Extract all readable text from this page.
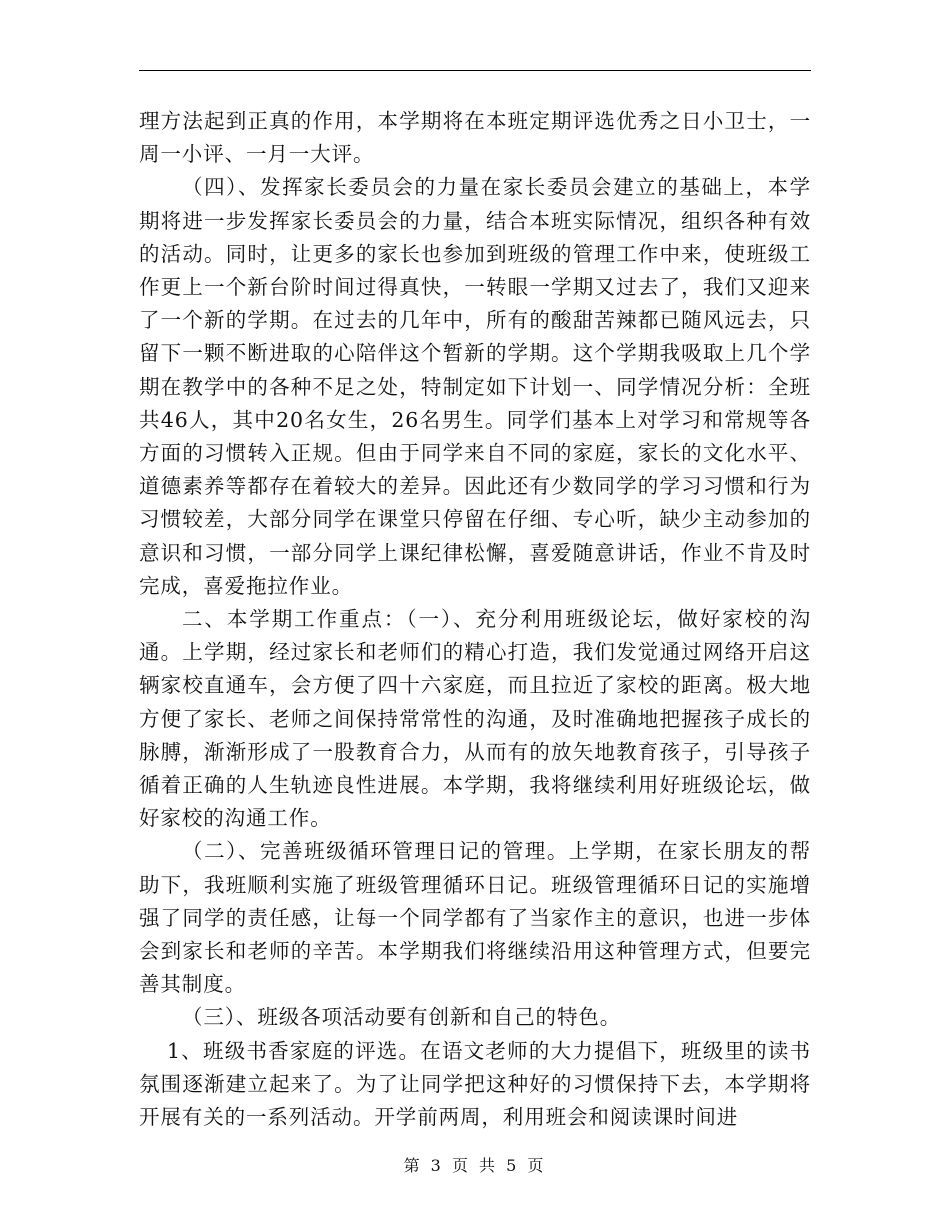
理方法起到正真的作用，本学期将在本班定期评选优秀之日小卫士，一周一小评、一月一大评。

（四）、发挥家长委员会的力量在家长委员会建立的基础上，本学期将进一步发挥家长委员会的力量，结合本班实际情况，组织各种有效的活动。同时，让更多的家长也参加到班级的管理工作中来，使班级工作更上一个新台阶时间过得真快，一转眼一学期又过去了，我们又迎来了一个新的学期。在过去的几年中，所有的酸甜苦辣都已随风远去，只留下一颗不断进取的心陪伴这个暂新的学期。这个学期我吸取上几个学期在教学中的各种不足之处，特制定如下计划一、同学情况分析：全班共46人，其中20名女生，26名男生。同学们基本上对学习和常规等各方面的习惯转入正规。但由于同学来自不同的家庭，家长的文化水平、道德素养等都存在着较大的差异。因此还有少数同学的学习习惯和行为习惯较差，大部分同学在课堂只停留在仔细、专心听，缺少主动参加的意识和习惯，一部分同学上课纪律松懈，喜爱随意讲话，作业不肯及时完成，喜爱拖拉作业。

二、本学期工作重点：（一）、充分利用班级论坛，做好家校的沟通。上学期，经过家长和老师们的精心打造，我们发觉通过网络开启这辆家校直通车，会方便了四十六家庭，而且拉近了家校的距离。极大地方便了家长、老师之间保持常常性的沟通，及时准确地把握孩子成长的脉膊，渐渐形成了一股教育合力，从而有的放矢地教育孩子，引导孩子循着正确的人生轨迹良性进展。本学期，我将继续利用好班级论坛，做好家校的沟通工作。

（二）、完善班级循环管理日记的管理。上学期，在家长朋友的帮助下，我班顺利实施了班级管理循环日记。班级管理循环日记的实施增强了同学的责任感，让每一个同学都有了当家作主的意识，也进一步体会到家长和老师的辛苦。本学期我们将继续沿用这种管理方式，但要完善其制度。

（三）、班级各项活动要有创新和自己的特色。

1、班级书香家庭的评选。在语文老师的大力提倡下，班级里的读书氛围逐渐建立起来了。为了让同学把这种好的习惯保持下去，本学期将开展有关的一系列活动。开学前两周，利用班会和阅读课时间进

第 3 页 共 5 页
